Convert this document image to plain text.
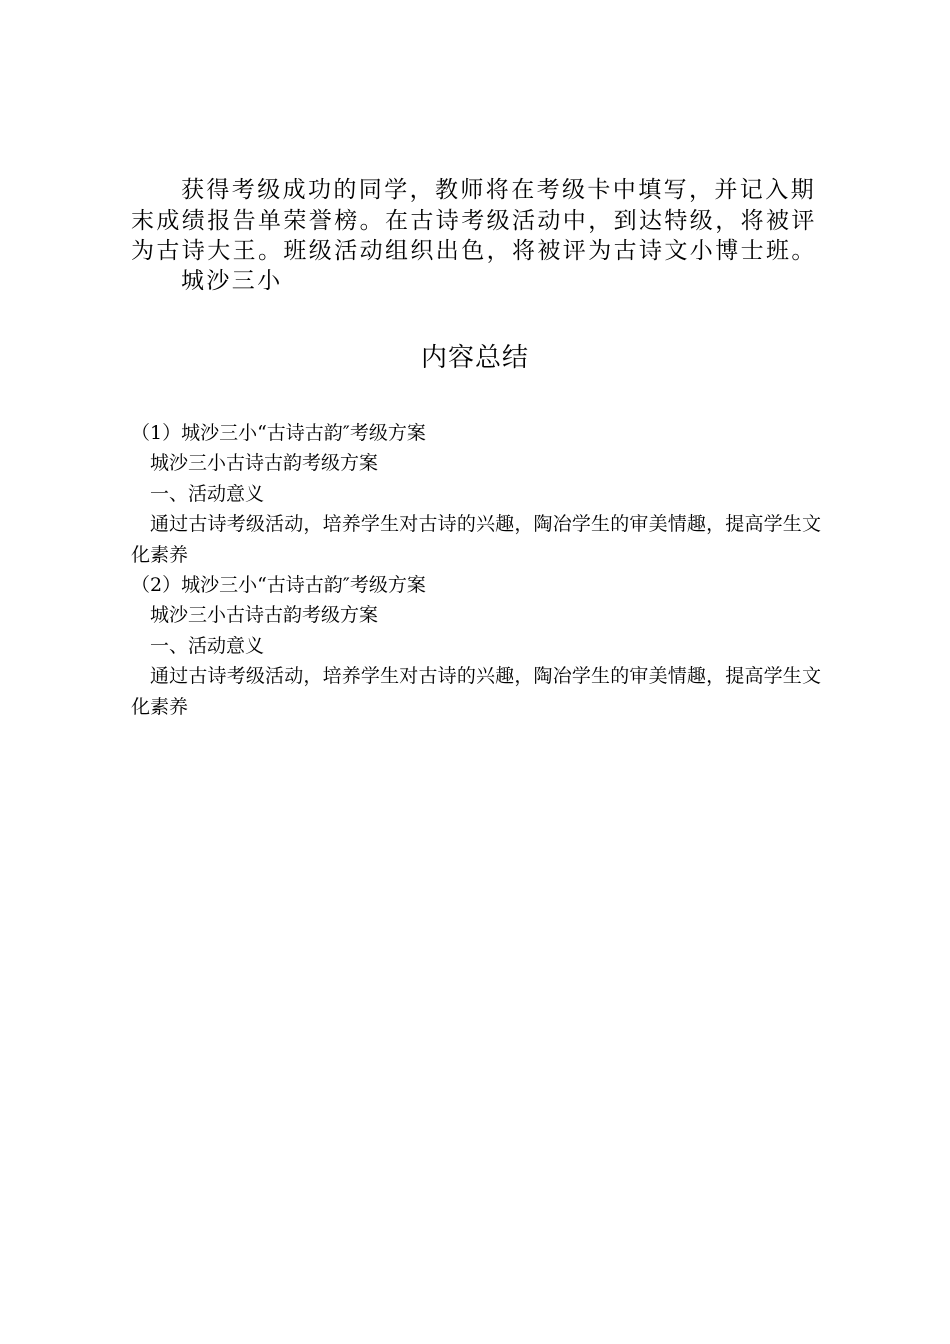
获得考级成功的同学，教师将在考级卡中填写，并记入期末成绩报告单荣誉榜。在古诗考级活动中，到达特级，将被评为古诗大王。班级活动组织出色，将被评为古诗文小博士班。

城沙三小

内容总结

（1）城沙三小“古诗古韵″考级方案

城沙三小古诗古韵考级方案

一、活动意义

通过古诗考级活动，培养学生对古诗的兴趣，陶冶学生的审美情趣，提高学生文化素养

（2）城沙三小“古诗古韵″考级方案

城沙三小古诗古韵考级方案

一、活动意义

通过古诗考级活动，培养学生对古诗的兴趣，陶冶学生的审美情趣，提高学生文化素养
